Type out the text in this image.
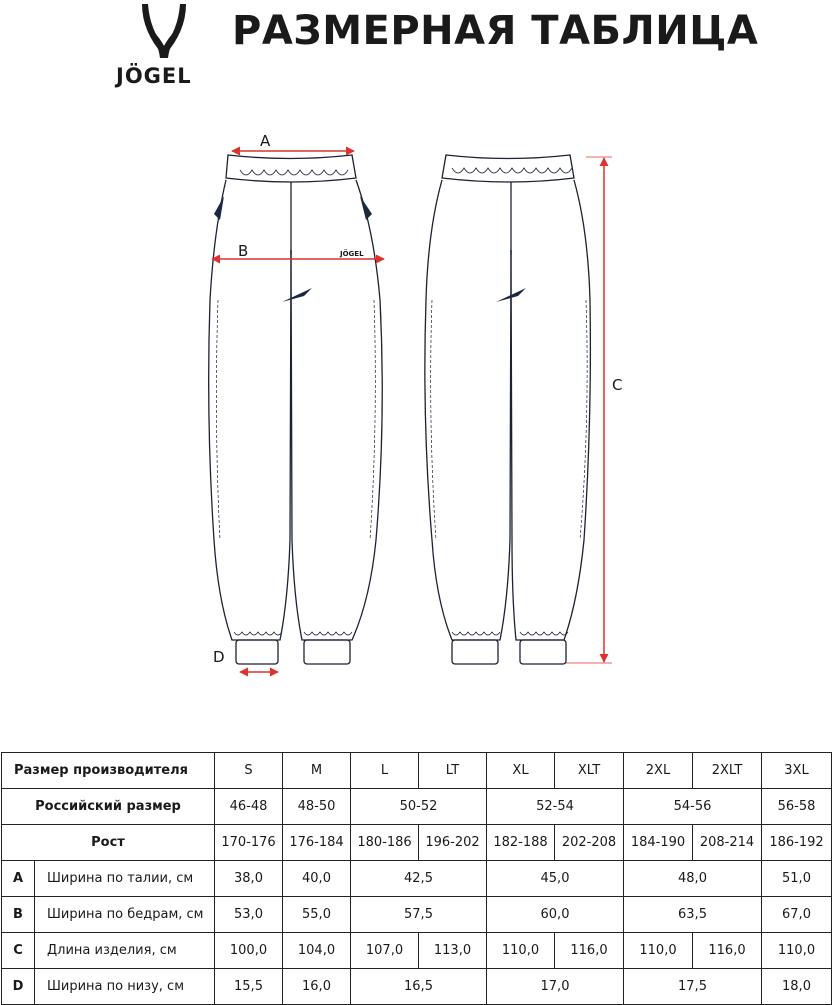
JÖGEL
РАЗМЕРНАЯ ТАБЛИЦА
JÖGEL
A
B
C
D
Размер производителя		S	M	L	LT	XL	XLT	2XL	2XLT	3XL
Российский размер		46-48	48-50	50-52		52-54		54-56		56-58
Рост		170-176	176-184	180-186	196-202	182-188	202-208	184-190	208-214	186-192
A	Ширина по талии, см	38,0	40,0	42,5		45,0		48,0		51,0
B	Ширина по бедрам, см	53,0	55,0	57,5		60,0		63,5		67,0
C	Длина изделия, см	100,0	104,0	107,0	113,0	110,0	116,0	110,0	116,0	110,0
D	Ширина по низу, см	15,5	16,0	16,5		17,0		17,5		18,0
